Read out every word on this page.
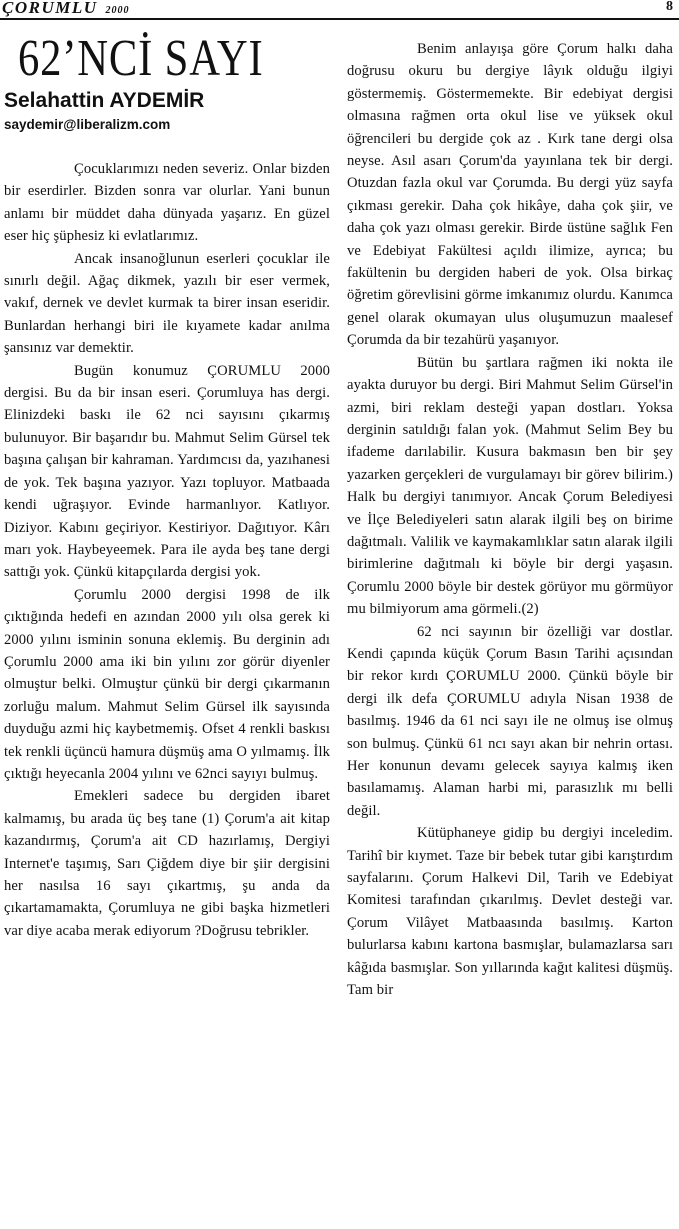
ÇORUMLU 2000	8
62’NCİ SAYI
Selahattin AYDEMİR
saydemir@liberalizm.com

Çocuklarımızı neden severiz. Onlar bizden bir eserdirler. Bizden sonra var olurlar. Yani bunun anlamı bir müddet daha dünyada yaşarız. En güzel eser hiç şüphesiz ki evlatlarımız.

Ancak insanoğlunun eserleri çocuklar ile sınırlı değil. Ağaç dikmek, yazılı bir eser vermek, vakıf, dernek ve devlet kurmak ta birer insan eseridir. Bunlardan herhangi biri ile kıyamete kadar anılma şansınız var demektir.

Bugün konumuz ÇORUMLU 2000 dergisi. Bu da bir insan eseri. Çorumluya has dergi. Elinizdeki baskı ile 62 nci sayısını çıkarmış bulunuyor. Bir başarıdır bu. Mahmut Selim Gürsel tek başına çalışan bir kahraman. Yardımcısı da, yazıhanesi de yok. Tek başına yazıyor. Yazı topluyor. Matbaada kendi uğraşıyor. Evinde harmanlıyor. Katlıyor. Diziyor. Kabını geçiriyor. Kestiriyor. Dağıtıyor. Kârı marı yok. Haybeyeemek. Para ile ayda beş tane dergi sattığı yok. Çünkü kitapçılarda dergisi yok.

Çorumlu 2000 dergisi 1998 de ilk çıktığında hedefi en azından 2000 yılı olsa gerek ki 2000 yılını isminin sonuna eklemiş. Bu derginin adı Çorumlu 2000 ama iki bin yılını zor görür diyenler olmuştur belki. Olmuştur çünkü bir dergi çıkarmanın zorluğu malum. Mahmut Selim Gürsel ilk sayısında duyduğu azmi hiç kaybetmemiş. Ofset 4 renkli baskısı tek renkli üçüncü hamura düşmüş ama O yılmamış. İlk çıktığı heyecanla 2004 yılını ve 62nci sayıyı bulmuş.

Emekleri sadece bu dergiden ibaret kalmamış, bu arada üç beş tane (1) Çorum'a ait kitap kazandırmış, Çorum'a ait CD hazırlamış, Dergiyi Internet'e taşımış, Sarı Çiğdem diye bir şiir dergisini her nasılsa 16 sayı çıkartmış, şu anda da çıkartamamakta, Çorumluya ne gibi başka hizmetleri var diye acaba merak ediyorum ?Doğrusu tebrikler.

Benim anlayışa göre Çorum halkı daha doğrusu okuru bu dergiye lâyık olduğu ilgiyi göstermemiş. Göstermemekte. Bir edebiyat dergisi olmasına rağmen orta okul lise ve yüksek okul öğrencileri bu dergide çok az . Kırk tane dergi olsa neyse. Asıl asarı Çorum'da yayınlana tek bir dergi. Otuzdan fazla okul var Çorumda. Bu dergi yüz sayfa çıkması gerekir. Daha çok hikâye, daha çok şiir, ve daha çok yazı olması gerekir. Birde üstüne sağlık Fen ve Edebiyat Fakültesi açıldı ilimize, ayrıca; bu fakültenin bu dergiden haberi de yok. Olsa birkaç öğretim görevlisini görme imkanımız olurdu. Kanımca genel olarak okumayan ulus oluşumuzun maalesef Çorumda da bir tezahürü yaşanıyor.

Bütün bu şartlara rağmen iki nokta ile ayakta duruyor bu dergi. Biri Mahmut Selim Gürsel'in azmi, biri reklam desteği yapan dostları. Yoksa derginin satıldığı falan yok. (Mahmut Selim Bey bu ifademe darılabilir. Kusura bakmasın ben bir şey yazarken gerçekleri de vurgulamayı bir görev bilirim.) Halk bu dergiyi tanımıyor. Ancak Çorum Belediyesi ve İlçe Belediyeleri satın alarak ilgili beş on birime dağıtmalı. Valilik ve kaymakamlıklar satın alarak ilgili birimlerine dağıtmalı ki böyle bir dergi yaşasın. Çorumlu 2000 böyle bir destek görüyor mu görmüyor mu bilmiyorum ama görmeli.(2)

62 nci sayının bir özelliği var dostlar. Kendi çapında küçük Çorum Basın Tarihi açısından bir rekor kırdı ÇORUMLU 2000. Çünkü böyle bir dergi ilk defa ÇORUMLU adıyla Nisan 1938 de basılmış. 1946 da 61 nci sayı ile ne olmuş ise olmuş son bulmuş. Çünkü 61 ncı sayı akan bir nehrin ortası. Her konunun devamı gelecek sayıya kalmış iken basılamamış. Alaman harbi mi, parasızlık mı belli değil.

Kütüphaneye gidip bu dergiyi inceledim. Tarihî bir kıymet. Taze bir bebek tutar gibi karıştırdım sayfalarını. Çorum Halkevi Dil, Tarih ve Edebiyat Komitesi tarafından çıkarılmış. Devlet desteği var. Çorum Vilâyet Matbaasında basılmış. Karton bulurlarsa kabını kartona basmışlar, bulamazlarsa sarı kâğıda basmışlar. Son yıllarında kağıt kalitesi düşmüş. Tam bir
